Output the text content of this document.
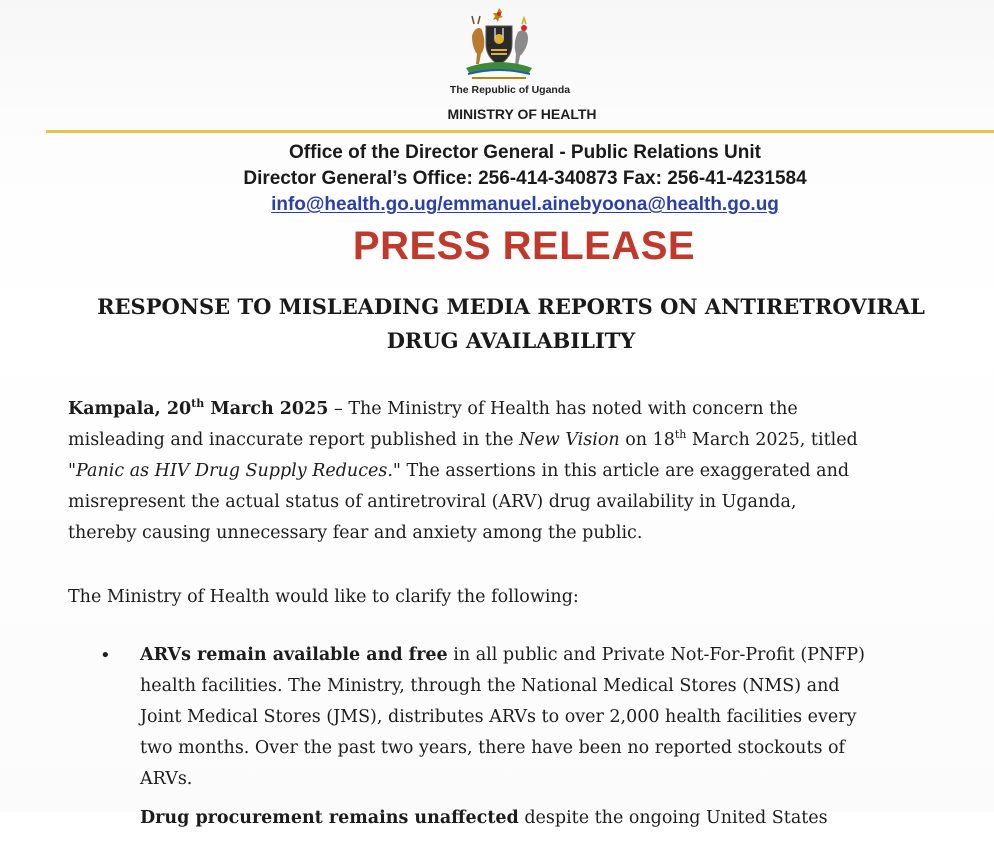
The Republic of Uganda
MINISTRY OF HEALTH
Office of the Director General - Public Relations Unit
Director General’s Office: 256-414-340873 Fax: 256-41-4231584
info@health.go.ug/emmanuel.ainebyoona@health.go.ug
PRESS RELEASE
RESPONSE TO MISLEADING MEDIA REPORTS ON ANTIRETROVIRAL
DRUG AVAILABILITY
Kampala, 20th March 2025 – The Ministry of Health has noted with concern the
misleading and inaccurate report published in the New Vision on 18th March 2025, titled
"Panic as HIV Drug Supply Reduces." The assertions in this article are exaggerated and
misrepresent the actual status of antiretroviral (ARV) drug availability in Uganda,
thereby causing unnecessary fear and anxiety among the public.
The Ministry of Health would like to clarify the following:
• ARVs remain available and free in all public and Private Not-For-Profit (PNFP)
health facilities. The Ministry, through the National Medical Stores (NMS) and
Joint Medical Stores (JMS), distributes ARVs to over 2,000 health facilities every
two months. Over the past two years, there have been no reported stockouts of
ARVs.
Drug procurement remains unaffected despite the ongoing United States
